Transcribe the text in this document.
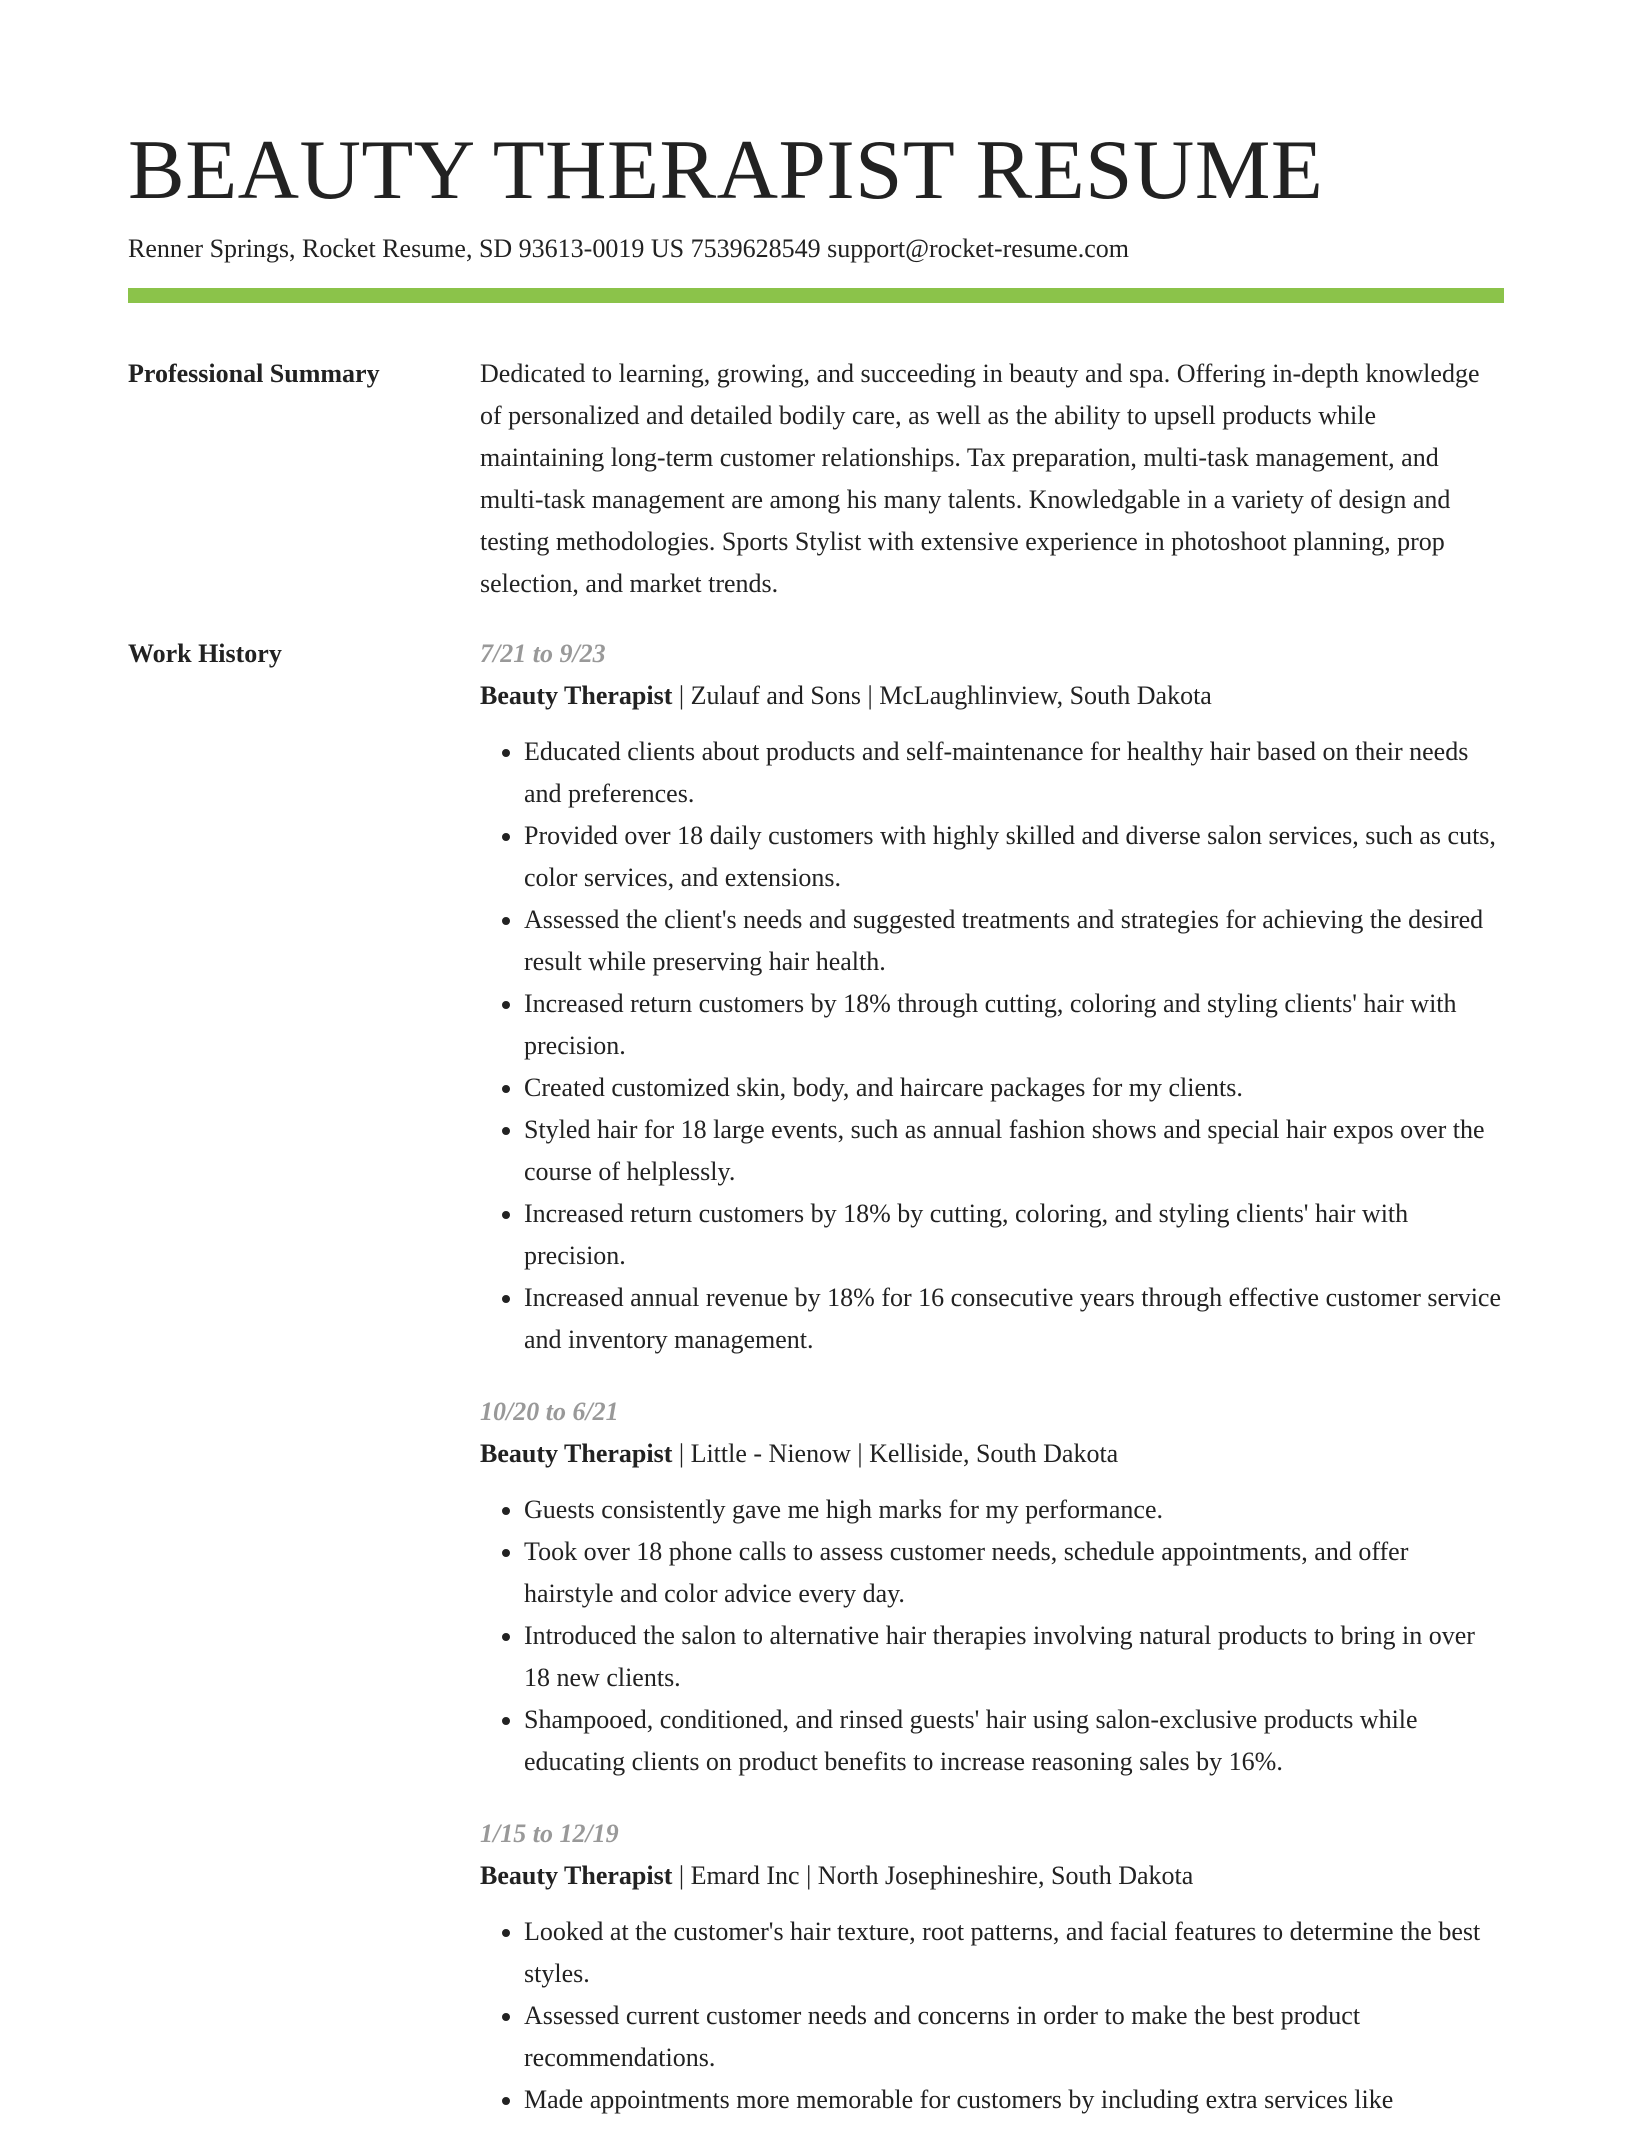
BEAUTY THERAPIST RESUME
Renner Springs, Rocket Resume, SD 93613-0019 US 7539628549 support@rocket-resume.com
Professional Summary	Dedicated to learning, growing, and succeeding in beauty and spa. Offering in-depth knowledge of personalized and detailed bodily care, as well as the ability to upsell products while maintaining long-term customer relationships. Tax preparation, multi-task management, and multi-task management are among his many talents. Knowledgable in a variety of design and testing methodologies. Sports Stylist with extensive experience in photoshoot planning, prop selection, and market trends.
Work History	7/21 to 9/23
Beauty Therapist | Zulauf and Sons | McLaughlinview, South Dakota
• Educated clients about products and self-maintenance for healthy hair based on their needs and preferences.
• Provided over 18 daily customers with highly skilled and diverse salon services, such as cuts, color services, and extensions.
• Assessed the client's needs and suggested treatments and strategies for achieving the desired result while preserving hair health.
• Increased return customers by 18% through cutting, coloring and styling clients' hair with precision.
• Created customized skin, body, and haircare packages for my clients.
• Styled hair for 18 large events, such as annual fashion shows and special hair expos over the course of helplessly.
• Increased return customers by 18% by cutting, coloring, and styling clients' hair with precision.
• Increased annual revenue by 18% for 16 consecutive years through effective customer service and inventory management.
10/20 to 6/21
Beauty Therapist | Little - Nienow | Kelliside, South Dakota
• Guests consistently gave me high marks for my performance.
• Took over 18 phone calls to assess customer needs, schedule appointments, and offer hairstyle and color advice every day.
• Introduced the salon to alternative hair therapies involving natural products to bring in over 18 new clients.
• Shampooed, conditioned, and rinsed guests' hair using salon-exclusive products while educating clients on product benefits to increase reasoning sales by 16%.
1/15 to 12/19
Beauty Therapist | Emard Inc | North Josephineshire, South Dakota
• Looked at the customer's hair texture, root patterns, and facial features to determine the best styles.
• Assessed current customer needs and concerns in order to make the best product recommendations.
• Made appointments more memorable for customers by including extra services like
